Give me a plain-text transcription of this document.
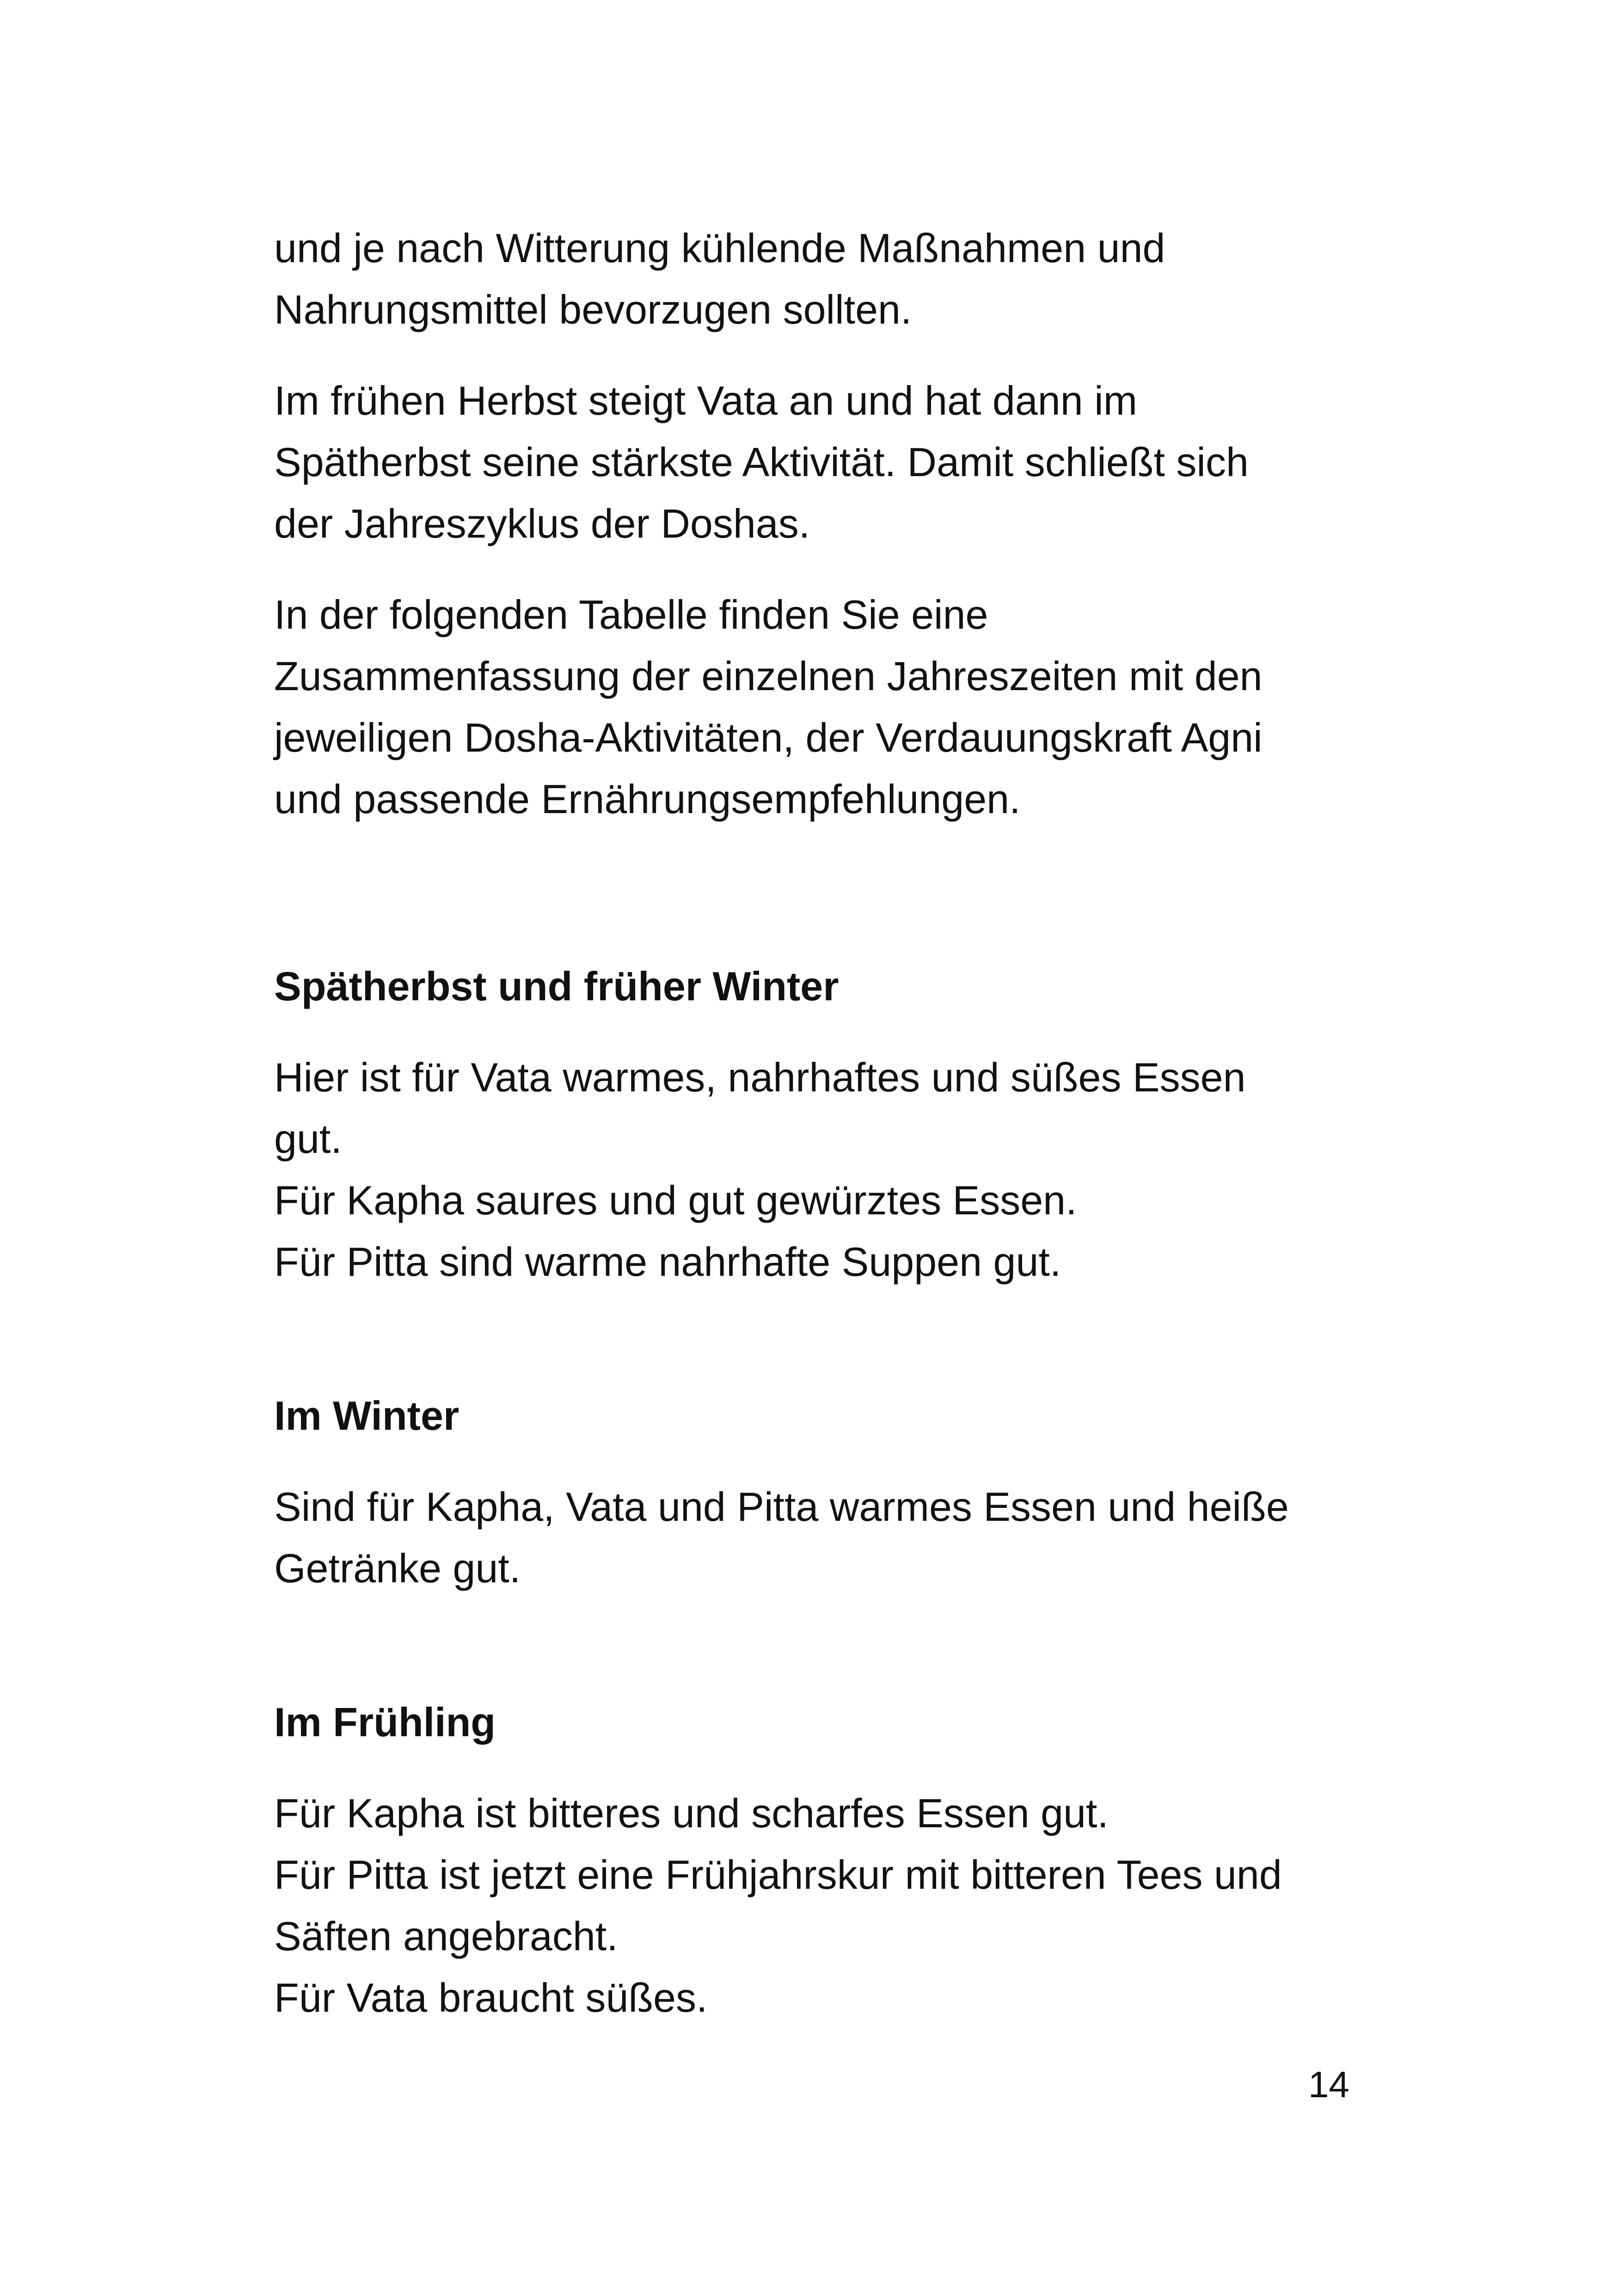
und je nach Witterung kühlende Maßnahmen und
Nahrungsmittel bevorzugen sollten.

Im frühen Herbst steigt Vata an und hat dann im
Spätherbst seine stärkste Aktivität. Damit schließt sich
der Jahreszyklus der Doshas.

In der folgenden Tabelle finden Sie eine
Zusammenfassung der einzelnen Jahreszeiten mit den
jeweiligen Dosha-Aktivitäten, der Verdauungskraft Agni
und passende Ernährungsempfehlungen.

Spätherbst und früher Winter

Hier ist für Vata warmes, nahrhaftes und süßes Essen
gut.
Für Kapha saures und gut gewürztes Essen.
Für Pitta sind warme nahrhafte Suppen gut.

Im Winter

Sind für Kapha, Vata und Pitta warmes Essen und heiße
Getränke gut.

Im Frühling

Für Kapha ist bitteres und scharfes Essen gut.
Für Pitta ist jetzt eine Frühjahrskur mit bitteren Tees und
Säften angebracht.
Für Vata braucht süßes.

14
